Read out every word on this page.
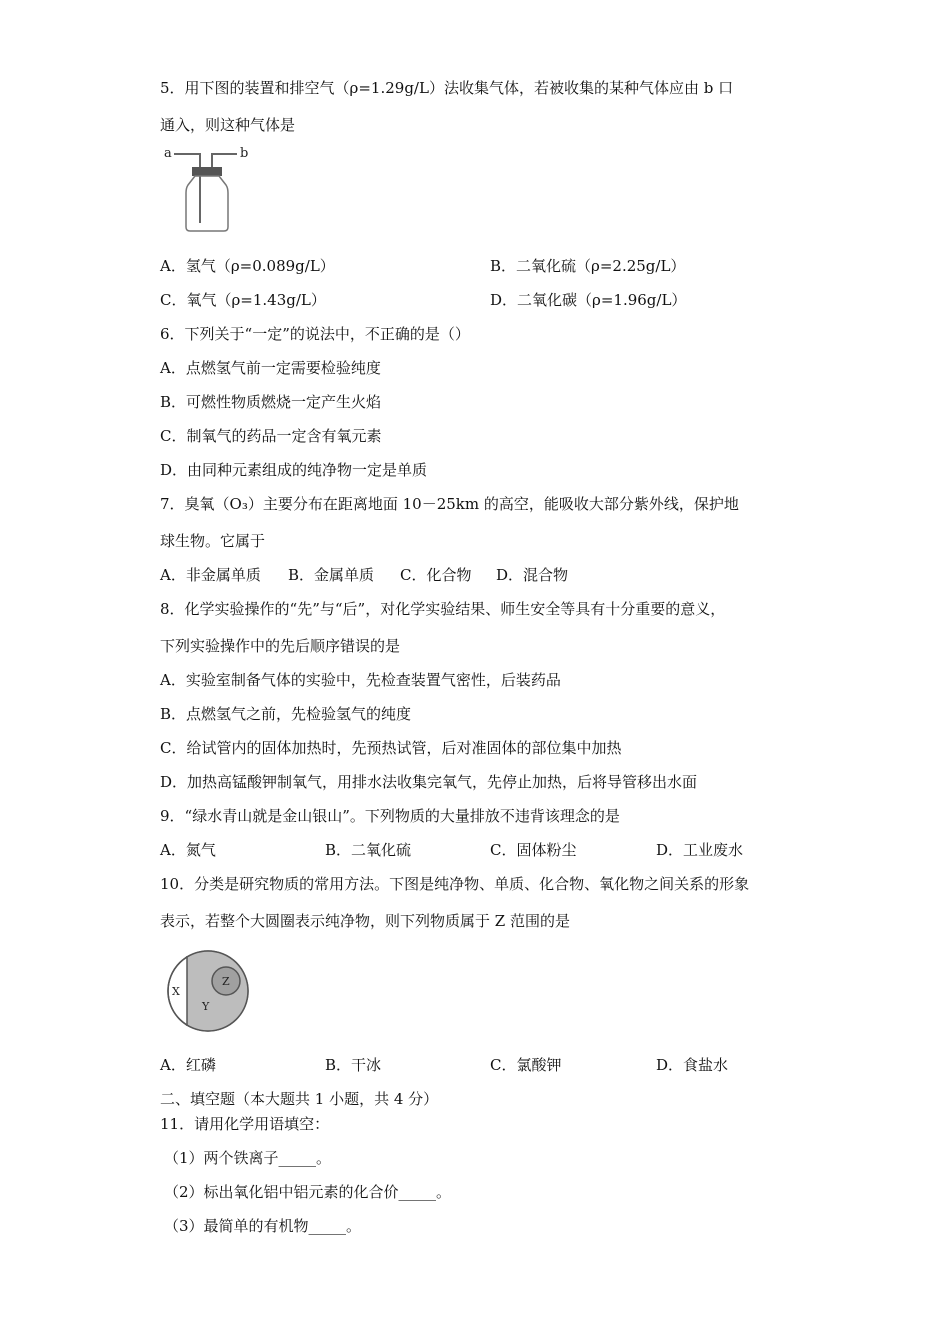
5．用下图的装置和排空气（ρ=1.29g/L）法收集气体，若被收集的某种气体应由 b 口
通入，则这种气体是
a	b
A．氢气（ρ=0.089g/L）	B．二氧化硫（ρ=2.25g/L）
C．氧气（ρ=1.43g/L）	D．二氧化碳（ρ=1.96g/L）
6．下列关于“一定”的说法中，不正确的是（）
A．点燃氢气前一定需要检验纯度
B．可燃性物质燃烧一定产生火焰
C．制氧气的药品一定含有氧元素
D．由同种元素组成的纯净物一定是单质
7．臭氧（O₃）主要分布在距离地面 10－25km 的高空，能吸收大部分紫外线，保护地
球生物。它属于
A．非金属单质 B．金属单质 C．化合物 D．混合物
8．化学实验操作的“先”与“后”，对化学实验结果、师生安全等具有十分重要的意义，
下列实验操作中的先后顺序错误的是
A．实验室制备气体的实验中，先检查装置气密性，后装药品
B．点燃氢气之前，先检验氢气的纯度
C．给试管内的固体加热时，先预热试管，后对准固体的部位集中加热
D．加热高锰酸钾制氧气，用排水法收集完氧气，先停止加热，后将导管移出水面
9．“绿水青山就是金山银山”。下列物质的大量排放不违背该理念的是
A．氮气	B．二氧化硫	C．固体粉尘	D．工业废水
10．分类是研究物质的常用方法。下图是纯净物、单质、化合物、氧化物之间关系的形象
表示，若整个大圆圈表示纯净物，则下列物质属于 Z 范围的是
X
Y
Z
A．红磷	B．干冰	C．氯酸钾	D．食盐水
二、填空题（本大题共 1 小题，共 4 分）
11．请用化学用语填空：
（1）两个铁离子_____。
（2）标出氧化铝中铝元素的化合价_____。
（3）最简单的有机物_____。
